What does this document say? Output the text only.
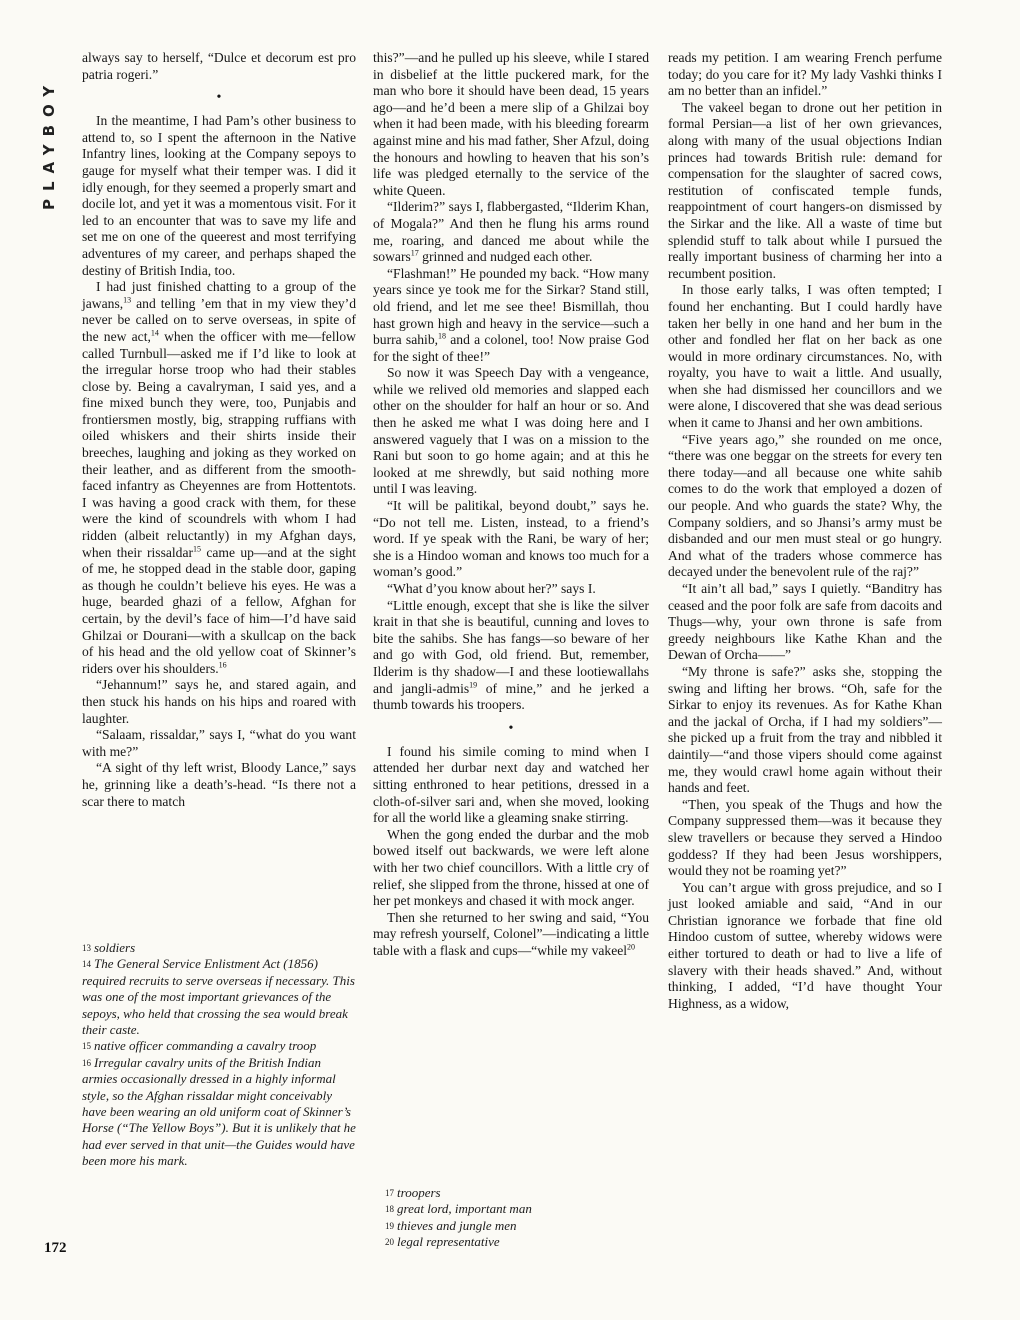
PLAYBOY

always say to herself, “Dulce et decorum est pro patria rogeri.”

•

In the meantime, I had Pam’s other business to attend to, so I spent the afternoon in the Native Infantry lines, looking at the Company sepoys to gauge for myself what their temper was. I did it idly enough, for they seemed a properly smart and docile lot, and yet it was a momentous visit. For it led to an encounter that was to save my life and set me on one of the queerest and most terrifying adventures of my career, and perhaps shaped the destiny of British India, too.

I had just finished chatting to a group of the jawans,$^{13}$ and telling ’em that in my view they’d never be called on to serve overseas, in spite of the new act,$^{14}$ when the officer with me—fellow called Turnbull—asked me if I’d like to look at the irregular horse troop who had their stables close by. Being a cavalryman, I said yes, and a fine mixed bunch they were, too, Punjabis and frontiersmen mostly, big, strapping ruffians with oiled whiskers and their shirts inside their breeches, laughing and joking as they worked on their leather, and as different from the smooth-faced infantry as Cheyennes are from Hottentots. I was having a good crack with them, for these were the kind of scoundrels with whom I had ridden (albeit reluctantly) in my Afghan days, when their rissaldar$^{15}$ came up—and at the sight of me, he stopped dead in the stable door, gaping as though he couldn’t believe his eyes. He was a huge, bearded ghazi of a fellow, Afghan for certain, by the devil’s face of him—I’d have said Ghilzai or Dourani—with a skullcap on the back of his head and the old yellow coat of Skinner’s riders over his shoulders.$^{16}$

“Jehannum!” says he, and stared again, and then stuck his hands on his hips and roared with laughter.

“Salaam, rissaldar,” says I, “what do you want with me?”

“A sight of thy left wrist, Bloody Lance,” says he, grinning like a death’s-head. “Is there not a scar there to match

$^{13}$ soldiers

$^{14}$ The General Service Enlistment Act (1856) required recruits to serve overseas if necessary. This was one of the most important grievances of the sepoys, who held that crossing the sea would break their caste.

$^{15}$ native officer commanding a cavalry troop

$^{16}$ Irregular cavalry units of the British Indian armies occasionally dressed in a highly informal style, so the Afghan rissaldar might conceivably have been wearing an old uniform coat of Skinner’s Horse (“The Yellow Boys”). But it is unlikely that he had ever served in that unit—the Guides would have been more his mark.

this?”—and he pulled up his sleeve, while I stared in disbelief at the little puckered mark, for the man who bore it should have been dead, 15 years ago—and he’d been a mere slip of a Ghilzai boy when it had been made, with his bleeding forearm against mine and his mad father, Sher Afzul, doing the honours and howling to heaven that his son’s life was pledged eternally to the service of the white Queen.

“Ilderim?” says I, flabbergasted, “Ilderim Khan, of Mogala?” And then he flung his arms round me, roaring, and danced me about while the sowars$^{17}$ grinned and nudged each other.

“Flashman!” He pounded my back. “How many years since ye took me for the Sirkar? Stand still, old friend, and let me see thee! Bismillah, thou hast grown high and heavy in the service—such a burra sahib,$^{18}$ and a colonel, too! Now praise God for the sight of thee!”

So now it was Speech Day with a vengeance, while we relived old memories and slapped each other on the shoulder for half an hour or so. And then he asked me what I was doing here and I answered vaguely that I was on a mission to the Rani but soon to go home again; and at this he looked at me shrewdly, but said nothing more until I was leaving.

“It will be palitikal, beyond doubt,” says he. “Do not tell me. Listen, instead, to a friend’s word. If ye speak with the Rani, be wary of her; she is a Hindoo woman and knows too much for a woman’s good.”

“What d’you know about her?” says I.

“Little enough, except that she is like the silver krait in that she is beautiful, cunning and loves to bite the sahibs. She has fangs—so beware of her and go with God, old friend. But, remember, Ilderim is thy shadow—I and these lootiewallahs and jangli-admis$^{19}$ of mine,” and he jerked a thumb towards his troopers.

•

I found his simile coming to mind when I attended her durbar next day and watched her sitting enthroned to hear petitions, dressed in a cloth-of-silver sari and, when she moved, looking for all the world like a gleaming snake stirring.

When the gong ended the durbar and the mob bowed itself out backwards, we were left alone with her two chief councillors. With a little cry of relief, she slipped from the throne, hissed at one of her pet monkeys and chased it with mock anger.

Then she returned to her swing and said, “You may refresh yourself, Colonel”—indicating a little table with a flask and cups—“while my vakeel$^{20}$

$^{17}$ troopers

$^{18}$ great lord, important man

$^{19}$ thieves and jungle men

$^{20}$ legal representative

reads my petition. I am wearing French perfume today; do you care for it? My lady Vashki thinks I am no better than an infidel.”

The vakeel began to drone out her petition in formal Persian—a list of her own grievances, along with many of the usual objections Indian princes had towards British rule: demand for compensation for the slaughter of sacred cows, restitution of confiscated temple funds, reappointment of court hangers-on dismissed by the Sirkar and the like. All a waste of time but splendid stuff to talk about while I pursued the really important business of charming her into a recumbent position.

In those early talks, I was often tempted; I found her enchanting. But I could hardly have taken her belly in one hand and her bum in the other and fondled her flat on her back as one would in more ordinary circumstances. No, with royalty, you have to wait a little. And usually, when she had dismissed her councillors and we were alone, I discovered that she was dead serious when it came to Jhansi and her own ambitions.

“Five years ago,” she rounded on me once, “there was one beggar on the streets for every ten there today—and all because one white sahib comes to do the work that employed a dozen of our people. And who guards the state? Why, the Company soldiers, and so Jhansi’s army must be disbanded and our men must steal or go hungry. And what of the traders whose commerce has decayed under the benevolent rule of the raj?”

“It ain’t all bad,” says I quietly. “Banditry has ceased and the poor folk are safe from dacoits and Thugs—why, your own throne is safe from greedy neighbours like Kathe Khan and the Dewan of Orcha——”

“My throne is safe?” asks she, stopping the swing and lifting her brows. “Oh, safe for the Sirkar to enjoy its revenues. As for Kathe Khan and the jackal of Orcha, if I had my soldiers”—she picked up a fruit from the tray and nibbled it daintily—“and those vipers should come against me, they would crawl home again without their hands and feet.

“Then, you speak of the Thugs and how the Company suppressed them—was it because they slew travellers or because they served a Hindoo goddess? If they had been Jesus worshippers, would they not be roaming yet?”

You can’t argue with gross prejudice, and so I just looked amiable and said, “And in our Christian ignorance we forbade that fine old Hindoo custom of suttee, whereby widows were either tortured to death or had to live a life of slavery with their heads shaved.” And, without thinking, I added, “I’d have thought Your Highness, as a widow,

172
